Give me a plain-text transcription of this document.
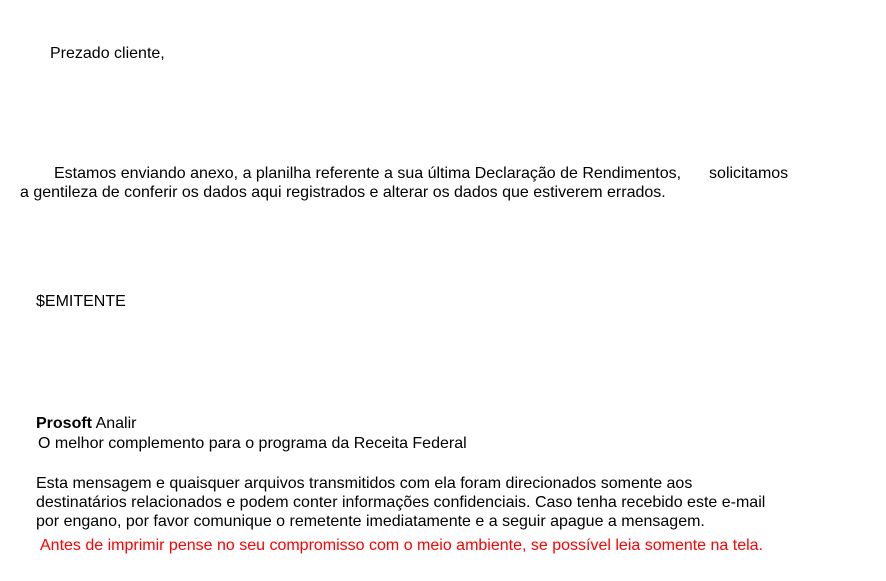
Prezado cliente,
Estamos enviando anexo, a planilha referente a sua última Declaração de Rendimentos, solicitamos
a gentileza de conferir os dados aqui registrados e alterar os dados que estiverem errados.
$EMITENTE
Prosoft Analir
O melhor complemento para o programa da Receita Federal
Esta mensagem e quaisquer arquivos transmitidos com ela foram direcionados somente aos
destinatários relacionados e podem conter informações confidenciais. Caso tenha recebido este e-mail
por engano, por favor comunique o remetente imediatamente e a seguir apague a mensagem.
Antes de imprimir pense no seu compromisso com o meio ambiente, se possível leia somente na tela.
